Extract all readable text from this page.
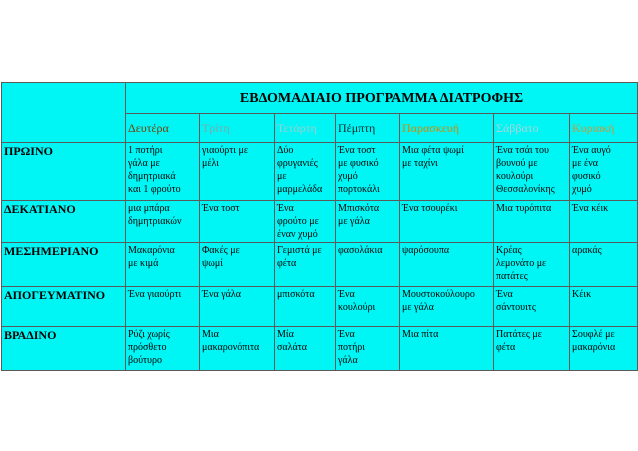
	ΕΒΔΟΜΑΔΙΑΙΟ ΠΡΟΓΡΑΜΜΑ ΔΙΑΤΡΟΦΗΣ						
	Δευτέρα	Τρίτη	Τετάρτη	Πέμπτη	Παρασκευή	Σάββατο	Κυριακή
ΠΡΩΙΝΟ	1 ποτήρι
γάλα με
δημητριακά
και 1 φρούτο	γιαούρτι με
μέλι	Δύο
φρυγανιές
με
μαρμελάδα	Ένα τοστ
με φυσικό
χυμό
πορτοκάλι	Μια φέτα ψωμί
με ταχίνι	Ένα τσάι του
βουνού με
κουλούρι
Θεσσαλονίκης	Ένα αυγό
με ένα
φυσικό
χυμό
ΔΕΚΑΤΙΑΝΟ	μια μπάρα
δημητριακών	Ένα τοστ	Ένα
φρούτο με
έναν χυμό	Μπισκότα
με γάλα	Ένα τσουρέκι	Μια τυρόπιτα	Ένα κέικ
ΜΕΣΗΜΕΡΙΑΝΟ	Μακαρόνια
με κιμά	Φακές με
ψωμί	Γεμιστά με
φέτα	φασολάκια	ψαρόσουπα	Κρέας
λεμονάτο με
πατάτες	αρακάς
ΑΠΟΓΕΥΜΑΤΙΝΟ	Ένα γιαούρτι	Ένα γάλα	μπισκότα	Ένα
κουλούρι	Μουστοκούλουρο
με γάλα	Ένα
σάντουιτς	Κέικ
ΒΡΑΔΙΝΟ	Ρύζι χωρίς
πρόσθετο
βούτυρο	Μια
μακαρονόπιτα	Μία
σαλάτα	Ένα
ποτήρι
γάλα	Μια πίτα	Πατάτες με
φέτα	Σουφλέ με
μακαρόνια
